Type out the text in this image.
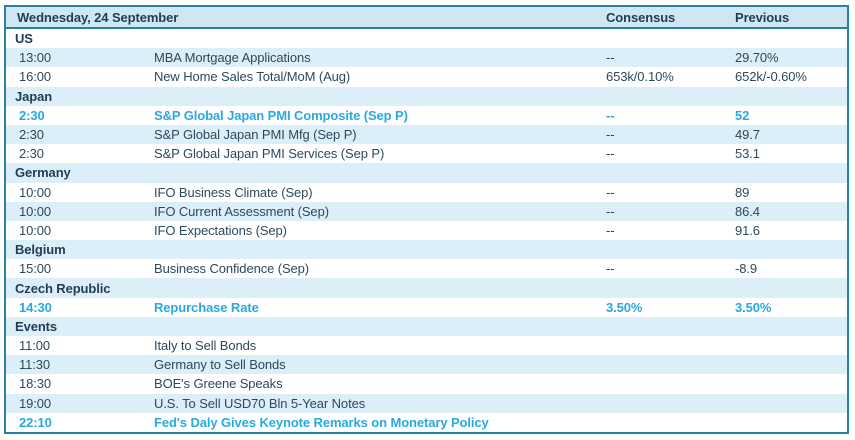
Wednesday, 24 September	Consensus	Previous
US
13:00	MBA Mortgage Applications	--	29.70%
16:00	New Home Sales Total/MoM (Aug)	653k/0.10%	652k/-0.60%
Japan
2:30	S&P Global Japan PMI Composite (Sep P)	--	52
2:30	S&P Global Japan PMI Mfg (Sep P)	--	49.7
2:30	S&P Global Japan PMI Services (Sep P)	--	53.1
Germany
10:00	IFO Business Climate (Sep)	--	89
10:00	IFO Current Assessment (Sep)	--	86.4
10:00	IFO Expectations (Sep)	--	91.6
Belgium
15:00	Business Confidence (Sep)	--	-8.9
Czech Republic
14:30	Repurchase Rate	3.50%	3.50%
Events
11:00	Italy to Sell Bonds
11:30	Germany to Sell Bonds
18:30	BOE's Greene Speaks
19:00	U.S. To Sell USD70 Bln 5-Year Notes
22:10	Fed's Daly Gives Keynote Remarks on Monetary Policy
